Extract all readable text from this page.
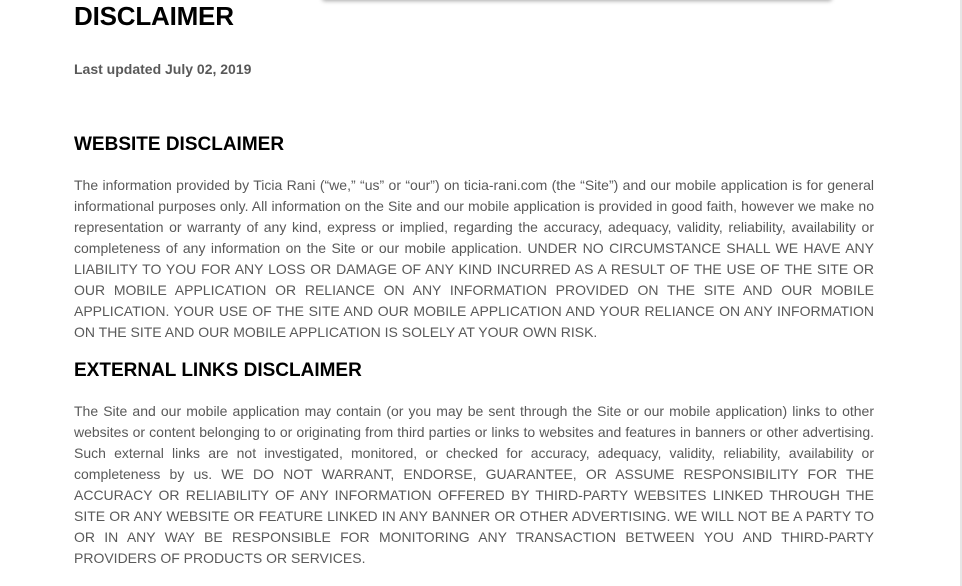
DISCLAIMER
Last updated July 02, 2019
WEBSITE DISCLAIMER

The information provided by Ticia Rani (“we,” “us” or “our”) on ticia-rani.com (the “Site”) and our mobile application is for general informational purposes only. All information on the Site and our mobile application is provided in good faith, however we make no representation or warranty of any kind, express or implied, regarding the accuracy, adequacy, validity, reliability, availability or completeness of any information on the Site or our mobile application. UNDER NO CIRCUMSTANCE SHALL WE HAVE ANY LIABILITY TO YOU FOR ANY LOSS OR DAMAGE OF ANY KIND INCURRED AS A RESULT OF THE USE OF THE SITE OR OUR MOBILE APPLICATION OR RELIANCE ON ANY INFORMATION PROVIDED ON THE SITE AND OUR MOBILE APPLICATION. YOUR USE OF THE SITE AND OUR MOBILE APPLICATION AND YOUR RELIANCE ON ANY INFORMATION ON THE SITE AND OUR MOBILE APPLICATION IS SOLELY AT YOUR OWN RISK.

EXTERNAL LINKS DISCLAIMER

The Site and our mobile application may contain (or you may be sent through the Site or our mobile application) links to other websites or content belonging to or originating from third parties or links to websites and features in banners or other advertising. Such external links are not investigated, monitored, or checked for accuracy, adequacy, validity, reliability, availability or completeness by us. WE DO NOT WARRANT, ENDORSE, GUARANTEE, OR ASSUME RESPONSIBILITY FOR THE ACCURACY OR RELIABILITY OF ANY INFORMATION OFFERED BY THIRD-PARTY WEBSITES LINKED THROUGH THE SITE OR ANY WEBSITE OR FEATURE LINKED IN ANY BANNER OR OTHER ADVERTISING. WE WILL NOT BE A PARTY TO OR IN ANY WAY BE RESPONSIBLE FOR MONITORING ANY TRANSACTION BETWEEN YOU AND THIRD-PARTY PROVIDERS OF PRODUCTS OR SERVICES.
